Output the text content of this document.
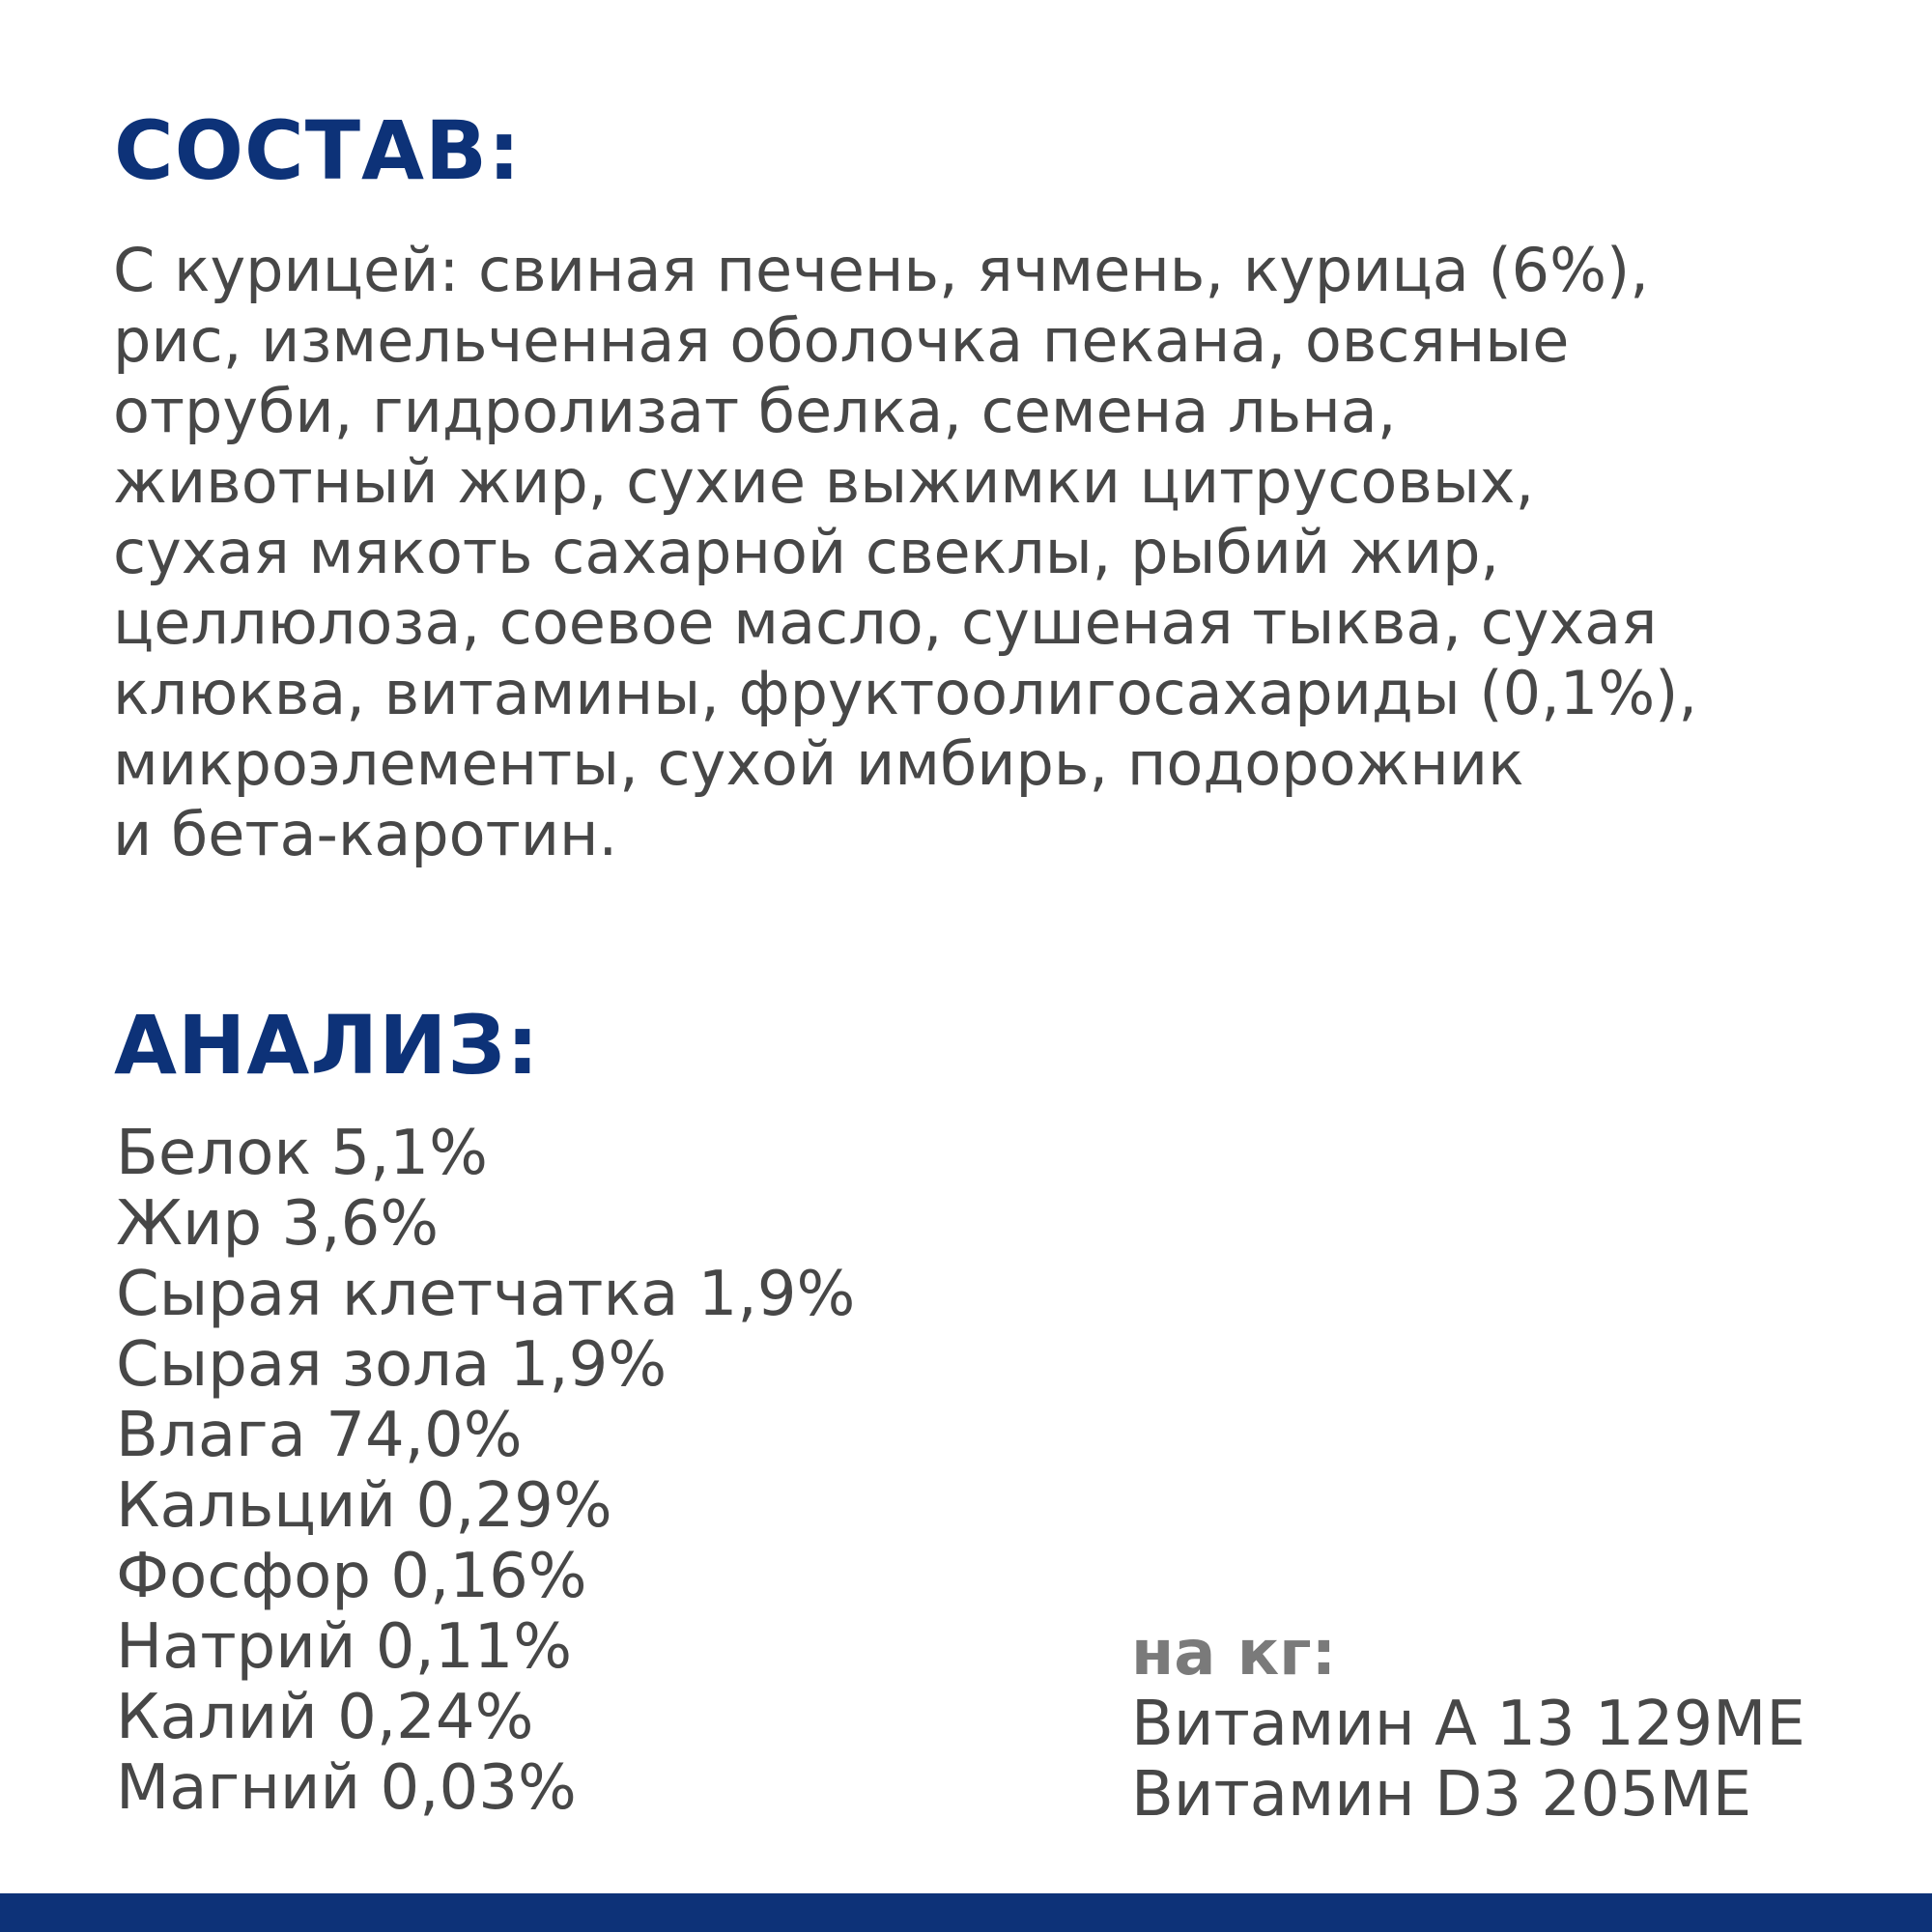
СОСТАВ:
С курицей: свиная печень, ячмень, курица (6%),
рис, измельченная оболочка пекана, овсяные
отруби, гидролизат белка, семена льна,
животный жир, сухие выжимки цитрусовых,
сухая мякоть сахарной свеклы, рыбий жир,
целлюлоза, соевое масло, сушеная тыква, сухая
клюква, витамины, фруктоолигосахариды (0,1%),
микроэлементы, сухой имбирь, подорожник
и бета-каротин.
АНАЛИЗ:
Белок 5,1%
Жир 3,6%
Сырая клетчатка 1,9%
Сырая зола 1,9%
Влага 74,0%
Кальций 0,29%
Фосфор 0,16%
Натрий 0,11%
Калий 0,24%
Магний 0,03%
на кг:
Витамин А 13 129МЕ
Витамин D3 205МЕ
